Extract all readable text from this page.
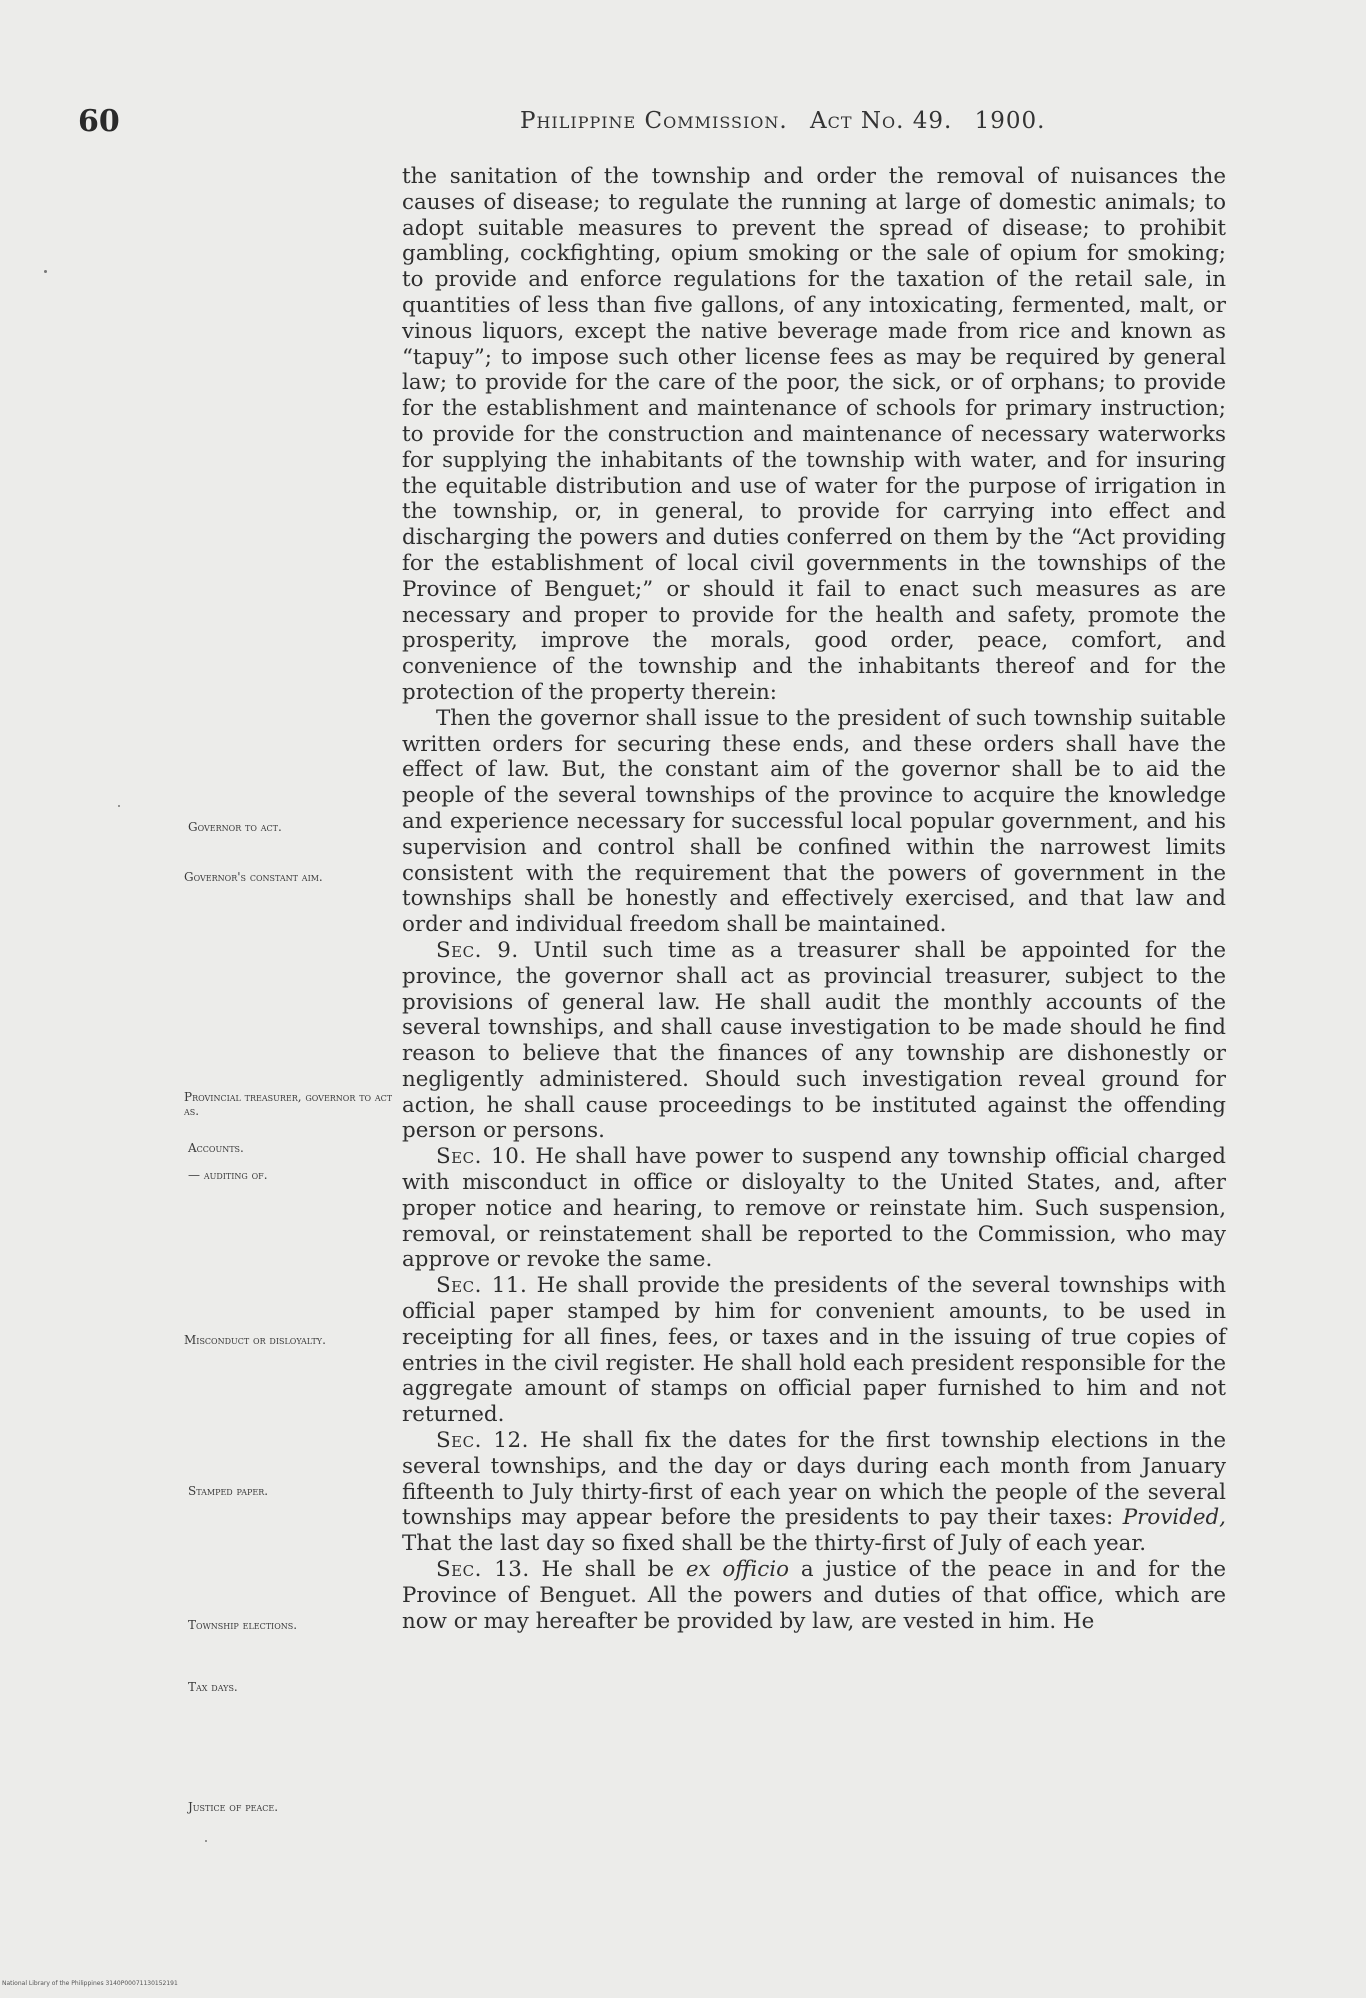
60	Philippine Commission. Act No. 49. 1900.
Governor to act.
Governor's constant aim.
Provincial treasurer, governor to act as.
Accounts.
— auditing of.
Misconduct or disloyalty.
Stamped paper.
Township elections.
Tax days.
Justice of peace.

the sanitation of the township and order the removal of nuisances the causes of disease; to regulate the running at large of domestic animals; to adopt suitable measures to prevent the spread of disease; to prohibit gambling, cockfighting, opium smoking or the sale of opium for smoking; to provide and enforce regulations for the taxation of the retail sale, in quantities of less than five gallons, of any intoxicating, fermented, malt, or vinous liquors, except the native beverage made from rice and known as “tapuy”; to impose such other license fees as may be required by general law; to provide for the care of the poor, the sick, or of orphans; to provide for the establishment and maintenance of schools for primary instruction; to provide for the construction and maintenance of necessary waterworks for supplying the inhabitants of the township with water, and for insuring the equitable distribution and use of water for the purpose of irrigation in the township, or, in general, to provide for carrying into effect and discharging the powers and duties conferred on them by the “Act providing for the establishment of local civil governments in the townships of the Province of Benguet;” or should it fail to enact such measures as are necessary and proper to provide for the health and safety, promote the prosperity, improve the morals, good order, peace, comfort, and convenience of the township and the inhabitants thereof and for the protection of the property therein:

Then the governor shall issue to the president of such township suitable written orders for securing these ends, and these orders shall have the effect of law. But, the constant aim of the governor shall be to aid the people of the several townships of the province to acquire the knowledge and experience necessary for successful local popular government, and his supervision and control shall be confined within the narrowest limits consistent with the requirement that the powers of government in the townships shall be honestly and effectively exercised, and that law and order and individual freedom shall be maintained.

Sec. 9. Until such time as a treasurer shall be appointed for the province, the governor shall act as provincial treasurer, subject to the provisions of general law. He shall audit the monthly accounts of the several townships, and shall cause investigation to be made should he find reason to believe that the finances of any township are dishonestly or negligently administered. Should such investigation reveal ground for action, he shall cause proceedings to be instituted against the offending person or persons.

Sec. 10. He shall have power to suspend any township official charged with misconduct in office or disloyalty to the United States, and, after proper notice and hearing, to remove or reinstate him. Such suspension, removal, or reinstatement shall be reported to the Commission, who may approve or revoke the same.

Sec. 11. He shall provide the presidents of the several townships with official paper stamped by him for convenient amounts, to be used in receipting for all fines, fees, or taxes and in the issuing of true copies of entries in the civil register. He shall hold each president responsible for the aggregate amount of stamps on official paper furnished to him and not returned.

Sec. 12. He shall fix the dates for the first township elections in the several townships, and the day or days during each month from January fifteenth to July thirty-first of each year on which the people of the several townships may appear before the presidents to pay their taxes: Provided, That the last day so fixed shall be the thirty-first of July of each year.

Sec. 13. He shall be ex officio a justice of the peace in and for the Province of Benguet. All the powers and duties of that office, which are now or may hereafter be provided by law, are vested in him. He

National Library of the Philippines 3140P00071130152191
